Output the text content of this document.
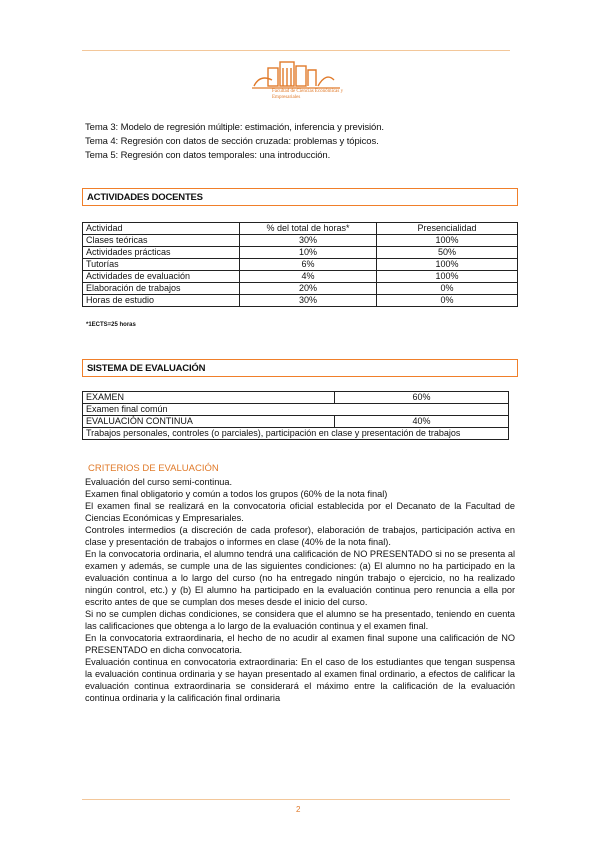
Facultad de Ciencias Económicas y Empresariales
Tema 3: Modelo de regresión múltiple: estimación, inferencia y previsión.
Tema 4: Regresión con datos de sección cruzada: problemas y tópicos.
Tema 5: Regresión con datos temporales: una introducción.
ACTIVIDADES DOCENTES
Actividad	% del total de horas*	Presencialidad
Clases teóricas	30%	100%
Actividades prácticas	10%	50%
Tutorías	6%	100%
Actividades de evaluación	4%	100%
Elaboración de trabajos	20%	0%
Horas de estudio	30%	0%
*1ECTS=25 horas
SISTEMA DE EVALUACIÓN
EXAMEN	60%
Examen final común	
EVALUACIÓN CONTINUA	40%
Trabajos personales, controles (o parciales), participación en clase y presentación de trabajos	
CRITERIOS DE EVALUACIÓN

Evaluación del curso semi-continua.

Examen final obligatorio y común a todos los grupos (60% de la nota final)

El examen final se realizará en la convocatoria oficial establecida por el Decanato de la Facultad de Ciencias Económicas y Empresariales.

Controles intermedios (a discreción de cada profesor), elaboración de trabajos, participación activa en clase y presentación de trabajos o informes en clase (40% de la nota final).

En la convocatoria ordinaria, el alumno tendrá una calificación de NO PRESENTADO si no se presenta al examen y además, se cumple una de las siguientes condiciones: (a) El alumno no ha participado en la evaluación continua a lo largo del curso (no ha entregado ningún trabajo o ejercicio, no ha realizado ningún control, etc.) y (b) El alumno ha participado en la evaluación continua pero renuncia a ella por escrito antes de que se cumplan dos meses desde el inicio del curso.

Si no se cumplen dichas condiciones, se considera que el alumno se ha presentado, teniendo en cuenta las calificaciones que obtenga a lo largo de la evaluación continua y el examen final.

En la convocatoria extraordinaria, el hecho de no acudir al examen final supone una calificación de NO PRESENTADO en dicha convocatoria.

Evaluación continua en convocatoria extraordinaria: En el caso de los estudiantes que tengan suspensa la evaluación continua ordinaria y se hayan presentado al examen final ordinario, a efectos de calificar la evaluación continua extraordinaria se considerará el máximo entre la calificación de la evaluación continua ordinaria y la calificación final ordinaria

2
